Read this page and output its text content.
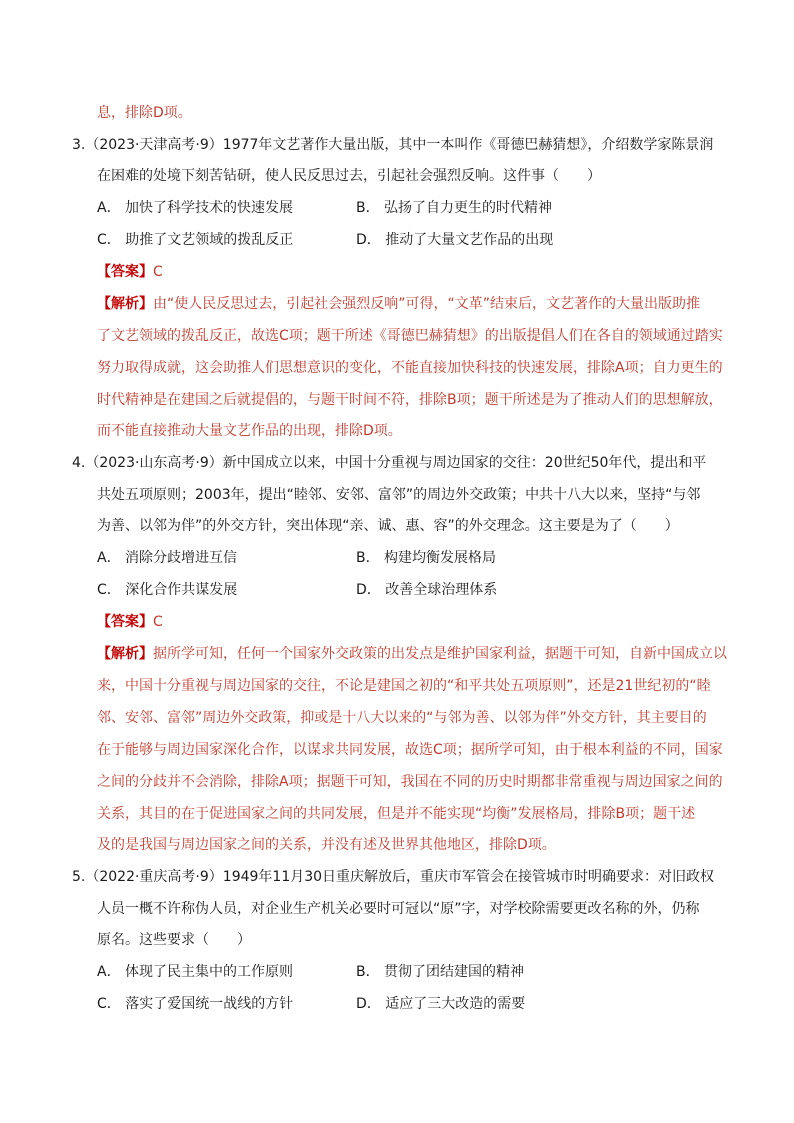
息，排除D项。
3.（2023·天津高考·9）1977年文艺著作大量出版，其中一本叫作《哥德巴赫猜想》，介绍数学家陈景润
在困难的处境下刻苦钻研，使人民反思过去，引起社会强烈反响。这件事（　　）
A． 加快了科学技术的快速发展	B． 弘扬了自力更生的时代精神
C． 助推了文艺领域的拨乱反正	D． 推动了大量文艺作品的出现
【答案】C
【解析】由“使人民反思过去，引起社会强烈反响”可得，“文革”结束后，文艺著作的大量出版助推
了文艺领域的拨乱反正，故选C项；题干所述《哥德巴赫猜想》的出版提倡人们在各自的领域通过踏实
努力取得成就，这会助推人们思想意识的变化，不能直接加快科技的快速发展，排除A项；自力更生的
时代精神是在建国之后就提倡的，与题干时间不符，排除B项；题干所述是为了推动人们的思想解放，
而不能直接推动大量文艺作品的出现，排除D项。
4.（2023·山东高考·9）新中国成立以来，中国十分重视与周边国家的交往：20世纪50年代，提出和平
共处五项原则；2003年，提出“睦邻、安邻、富邻”的周边外交政策；中共十八大以来，坚持“与邻
为善、以邻为伴”的外交方针，突出体现“亲、诚、惠、容”的外交理念。这主要是为了（　　）
A． 消除分歧增进互信	B． 构建均衡发展格局
C． 深化合作共谋发展	D． 改善全球治理体系
【答案】C
【解析】据所学可知，任何一个国家外交政策的出发点是维护国家利益，据题干可知，自新中国成立以
来，中国十分重视与周边国家的交往，不论是建国之初的“和平共处五项原则”，还是21世纪初的“睦
邻、安邻、富邻”周边外交政策，抑或是十八大以来的“与邻为善、以邻为伴”外交方针，其主要目的
在于能够与周边国家深化合作，以谋求共同发展，故选C项；据所学可知，由于根本利益的不同，国家
之间的分歧并不会消除，排除A项；据题干可知，我国在不同的历史时期都非常重视与周边国家之间的
关系，其目的在于促进国家之间的共同发展，但是并不能实现“均衡”发展格局，排除B项；题干述
及的是我国与周边国家之间的关系，并没有述及世界其他地区，排除D项。
5.（2022·重庆高考·9）1949年11月30日重庆解放后，重庆市军管会在接管城市时明确要求：对旧政权
人员一概不许称伪人员，对企业生产机关必要时可冠以“原”字，对学校除需要更改名称的外，仍称
原名。这些要求（　　）
A． 体现了民主集中的工作原则	B． 贯彻了团结建国的精神
C． 落实了爱国统一战线的方针	D． 适应了三大改造的需要
